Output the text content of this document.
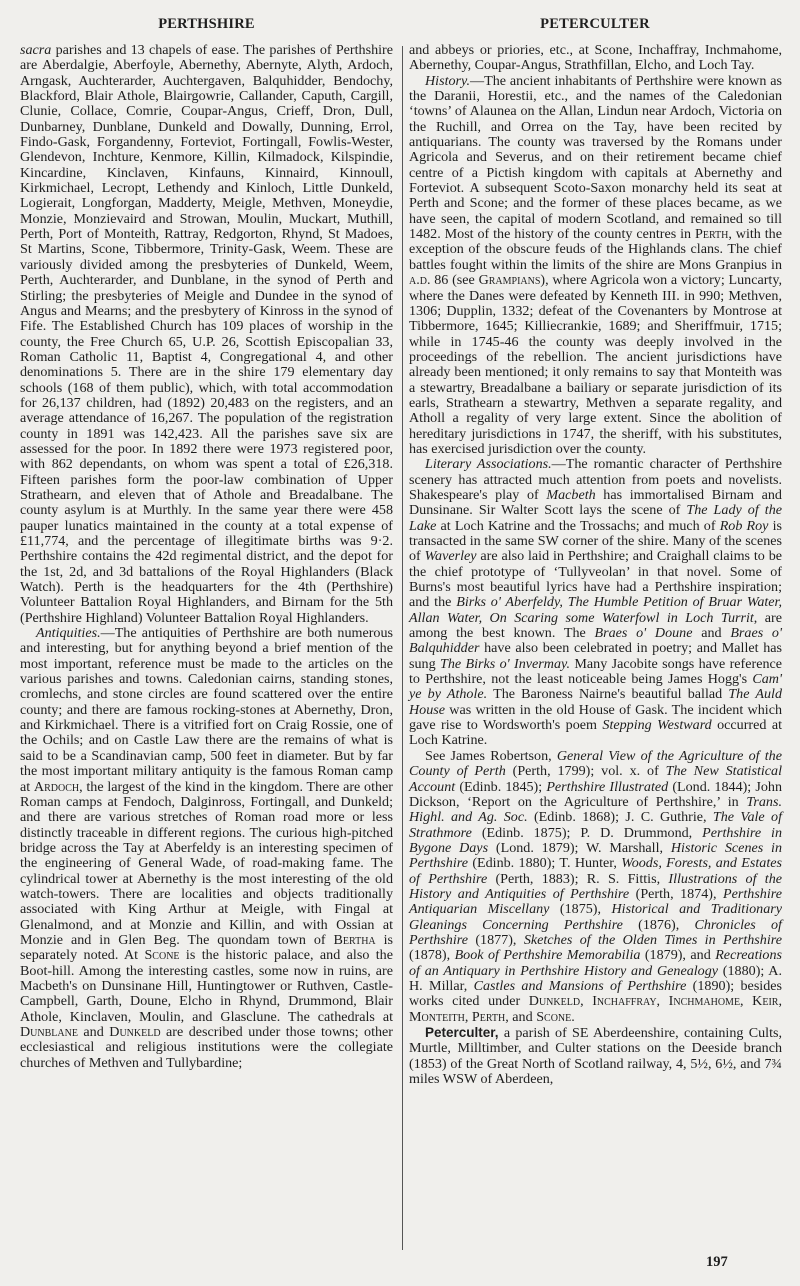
PERTHSHIRE	PETERCULTER

sacra parishes and 13 chapels of ease. The parishes of Perthshire are Aberdalgie, Aberfoyle, Abernethy, Abernyte, Alyth, Ardoch, Arngask, Auchterarder, Auchtergaven, Balquhidder, Bendochy, Blackford, Blair Athole, Blairgowrie, Callander, Caputh, Cargill, Clunie, Collace, Comrie, Coupar-Angus, Crieff, Dron, Dull, Dunbarney, Dunblane, Dunkeld and Dowally, Dunning, Errol, Findo-Gask, Forgandenny, Forteviot, Fortingall, Fowlis-Wester, Glendevon, Inchture, Kenmore, Killin, Kilmadock, Kilspindie, Kincardine, Kinclaven, Kinfauns, Kinnaird, Kinnoull, Kirkmichael, Lecropt, Lethendy and Kinloch, Little Dunkeld, Logierait, Longforgan, Madderty, Meigle, Methven, Moneydie, Monzie, Monzievaird and Strowan, Moulin, Muckart, Muthill, Perth, Port of Monteith, Rattray, Redgorton, Rhynd, St Madoes, St Martins, Scone, Tibbermore, Trinity-Gask, Weem. These are variously divided among the presbyteries of Dunkeld, Weem, Perth, Auchterarder, and Dunblane, in the synod of Perth and Stirling; the presbyteries of Meigle and Dundee in the synod of Angus and Mearns; and the presbytery of Kinross in the synod of Fife. The Established Church has 109 places of worship in the county, the Free Church 65, U.P. 26, Scottish Episcopalian 33, Roman Catholic 11, Baptist 4, Congregational 4, and other denominations 5. There are in the shire 179 elementary day schools (168 of them public), which, with total accommodation for 26,137 children, had (1892) 20,483 on the registers, and an average attendance of 16,267. The population of the registration county in 1891 was 142,423. All the parishes save six are assessed for the poor. In 1892 there were 1973 registered poor, with 862 dependants, on whom was spent a total of £26,318. Fifteen parishes form the poor-law combination of Upper Strathearn, and eleven that of Athole and Breadalbane. The county asylum is at Murthly. In the same year there were 458 pauper lunatics maintained in the county at a total expense of £11,774, and the percentage of illegitimate births was 9·2. Perthshire contains the 42d regimental district, and the depot for the 1st, 2d, and 3d battalions of the Royal Highlanders (Black Watch). Perth is the headquarters for the 4th (Perthshire) Volunteer Battalion Royal Highlanders, and Birnam for the 5th (Perthshire Highland) Volunteer Battalion Royal Highlanders.

Antiquities.—The antiquities of Perthshire are both numerous and interesting, but for anything beyond a brief mention of the most important, reference must be made to the articles on the various parishes and towns. Caledonian cairns, standing stones, cromlechs, and stone circles are found scattered over the entire county; and there are famous rocking-stones at Abernethy, Dron, and Kirkmichael. There is a vitrified fort on Craig Rossie, one of the Ochils; and on Castle Law there are the remains of what is said to be a Scandinavian camp, 500 feet in diameter. But by far the most important military antiquity is the famous Roman camp at Ardoch, the largest of the kind in the kingdom. There are other Roman camps at Fendoch, Dalginross, Fortingall, and Dunkeld; and there are various stretches of Roman road more or less distinctly traceable in different regions. The curious high-pitched bridge across the Tay at Aberfeldy is an interesting specimen of the engineering of General Wade, of road-making fame. The cylindrical tower at Abernethy is the most interesting of the old watch-towers. There are localities and objects traditionally associated with King Arthur at Meigle, with Fingal at Glenalmond, and at Monzie and Killin, and with Ossian at Monzie and in Glen Beg. The quondam town of Bertha is separately noted. At Scone is the historic palace, and also the Boot-hill. Among the interesting castles, some now in ruins, are Macbeth's on Dunsinane Hill, Huntingtower or Ruthven, Castle-Campbell, Garth, Doune, Elcho in Rhynd, Drummond, Blair Athole, Kinclaven, Moulin, and Glasclune. The cathedrals at Dunblane and Dunkeld are described under those towns; other ecclesiastical and religious institutions were the collegiate churches of Methven and Tullybardine;

and abbeys or priories, etc., at Scone, Inchaffray, Inchmahome, Abernethy, Coupar-Angus, Strathfillan, Elcho, and Loch Tay.

History.—The ancient inhabitants of Perthshire were known as the Daranii, Horestii, etc., and the names of the Caledonian ‘towns’ of Alaunea on the Allan, Lindun near Ardoch, Victoria on the Ruchill, and Orrea on the Tay, have been recited by antiquarians. The county was traversed by the Romans under Agricola and Severus, and on their retirement became chief centre of a Pictish kingdom with capitals at Abernethy and Forteviot. A subsequent Scoto-Saxon monarchy held its seat at Perth and Scone; and the former of these places became, as we have seen, the capital of modern Scotland, and remained so till 1482. Most of the history of the county centres in Perth, with the exception of the obscure feuds of the Highlands clans. The chief battles fought within the limits of the shire are Mons Granpius in a.d. 86 (see Grampians), where Agricola won a victory; Luncarty, where the Danes were defeated by Kenneth III. in 990; Methven, 1306; Dupplin, 1332; defeat of the Covenanters by Montrose at Tibbermore, 1645; Killiecrankie, 1689; and Sheriffmuir, 1715; while in 1745-46 the county was deeply involved in the proceedings of the rebellion. The ancient jurisdictions have already been mentioned; it only remains to say that Monteith was a stewartry, Breadalbane a bailiary or separate jurisdiction of its earls, Strathearn a stewartry, Methven a separate regality, and Atholl a regality of very large extent. Since the abolition of hereditary jurisdictions in 1747, the sheriff, with his substitutes, has exercised jurisdiction over the county.

Literary Associations.—The romantic character of Perthshire scenery has attracted much attention from poets and novelists. Shakespeare's play of Macbeth has immortalised Birnam and Dunsinane. Sir Walter Scott lays the scene of The Lady of the Lake at Loch Katrine and the Trossachs; and much of Rob Roy is transacted in the same SW corner of the shire. Many of the scenes of Waverley are also laid in Perthshire; and Craighall claims to be the chief prototype of ‘Tullyveolan’ in that novel. Some of Burns's most beautiful lyrics have had a Perthshire inspiration; and the Birks o' Aberfeldy, The Humble Petition of Bruar Water, Allan Water, On Scaring some Waterfowl in Loch Turrit, are among the best known. The Braes o' Doune and Braes o' Balquhidder have also been celebrated in poetry; and Mallet has sung The Birks o' Invermay. Many Jacobite songs have reference to Perthshire, not the least noticeable being James Hogg's Cam' ye by Athole. The Baroness Nairne's beautiful ballad The Auld House was written in the old House of Gask. The incident which gave rise to Wordsworth's poem Stepping Westward occurred at Loch Katrine.

See James Robertson, General View of the Agriculture of the County of Perth (Perth, 1799); vol. x. of The New Statistical Account (Edinb. 1845); Perthshire Illustrated (Lond. 1844); John Dickson, ‘Report on the Agriculture of Perthshire,’ in Trans. Highl. and Ag. Soc. (Edinb. 1868); J. C. Guthrie, The Vale of Strathmore (Edinb. 1875); P. D. Drummond, Perthshire in Bygone Days (Lond. 1879); W. Marshall, Historic Scenes in Perthshire (Edinb. 1880); T. Hunter, Woods, Forests, and Estates of Perthshire (Perth, 1883); R. S. Fittis, Illustrations of the History and Antiquities of Perthshire (Perth, 1874), Perthshire Antiquarian Miscellany (1875), Historical and Traditionary Gleanings Concerning Perthshire (1876), Chronicles of Perthshire (1877), Sketches of the Olden Times in Perthshire (1878), Book of Perthshire Memorabilia (1879), and Recreations of an Antiquary in Perthshire History and Genealogy (1880); A. H. Millar, Castles and Mansions of Perthshire (1890); besides works cited under Dunkeld, Inchaffray, Inchmahome, Keir, Monteith, Perth, and Scone.

Peterculter, a parish of SE Aberdeenshire, containing Cults, Murtle, Milltimber, and Culter stations on the Deeside branch (1853) of the Great North of Scotland railway, 4, 5½, 6½, and 7¾ miles WSW of Aberdeen,

197
